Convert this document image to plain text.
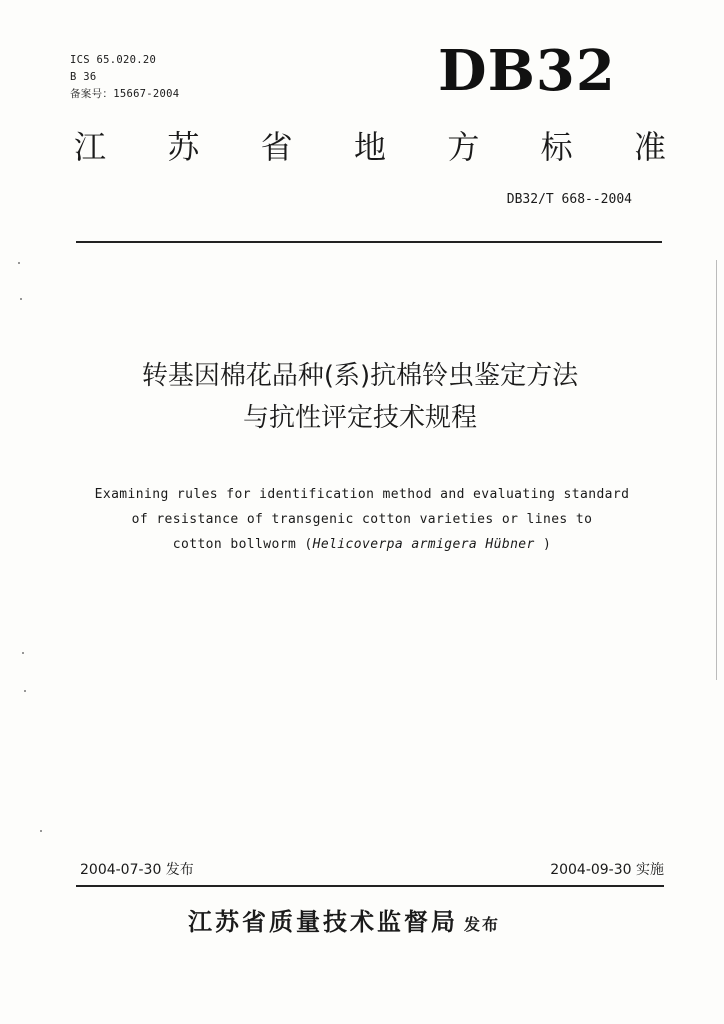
ICS 65.020.20
B 36
备案号：15667-2004	DB32
江 苏 省 地 方 标 准
DB32/T 668--2004
转基因棉花品种(系)抗棉铃虫鉴定方法
与抗性评定技术规程
Examining rules for identification method and evaluating standard
of resistance of transgenic cotton varieties or lines to
cotton bollworm (Helicoverpa armigera Hübner )
2004-07-30 发布	2004-09-30 实施
江苏省质量技术监督局 发布
